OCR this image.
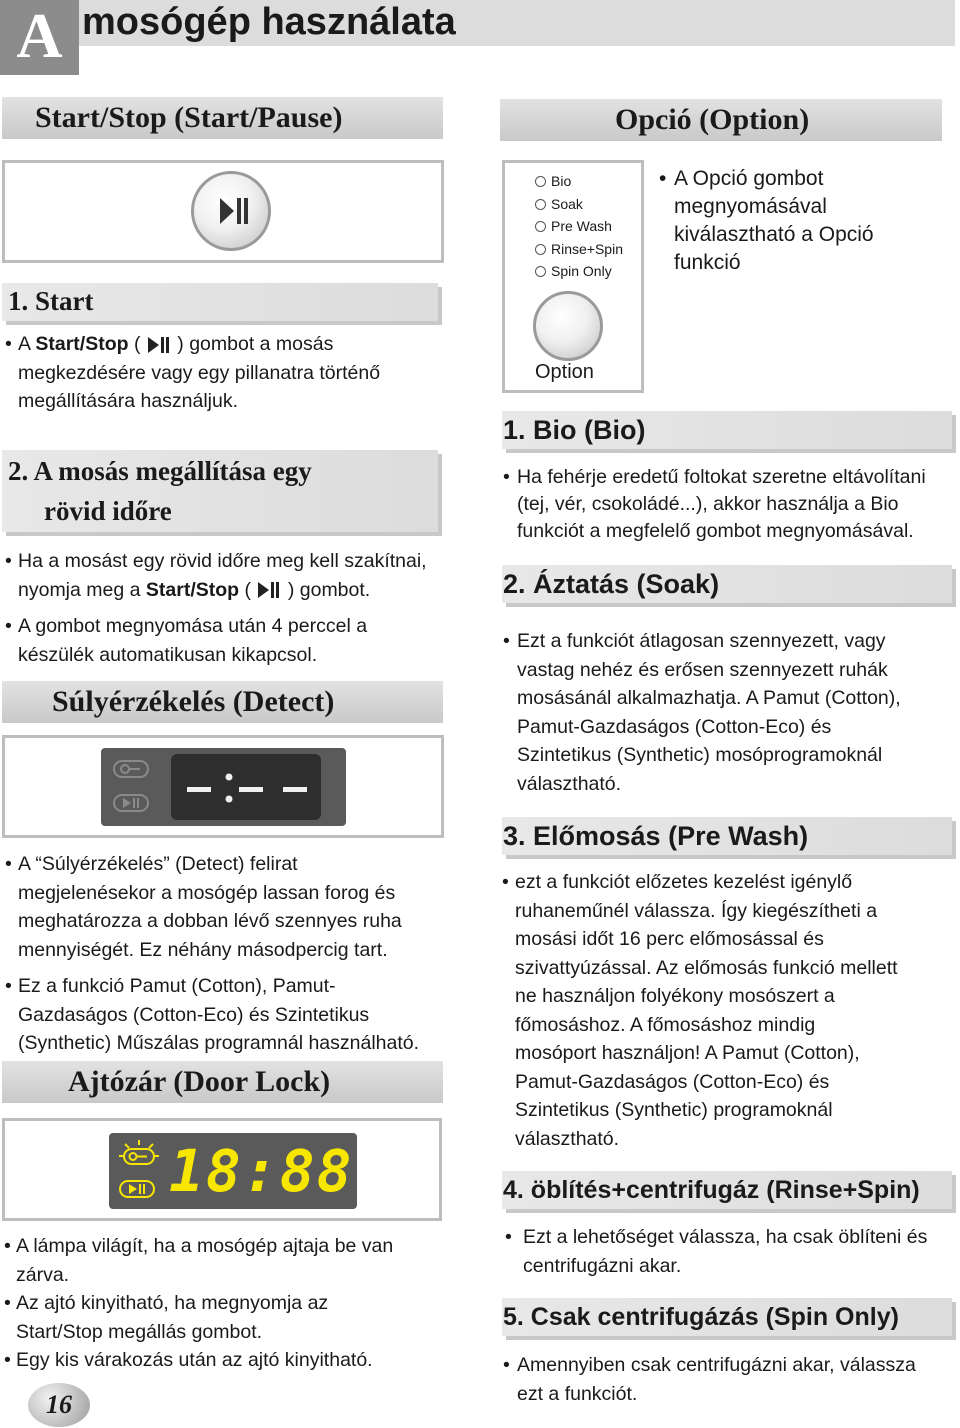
A mosógép használata
Start/Stop (Start/Pause)
1. Start
• A Start/Stop (  ) gombot a mosás
megkezdésére vagy egy pillanatra történő
megállítására használjuk.
2. A mosás megállítása egy
rövid időre
• Ha a mosást egy rövid időre meg kell szakítnai,
nyomja meg a Start/Stop (  ) gombot.
• A gombot megnyomása után 4 perccel a
készülék automatikusan kikapcsol.
Súlyérzékelés (Detect)
• A “Súlyérzékelés” (Detect) felirat
megjelenésekor a mosógép lassan forog és
meghatározza a dobban lévő szennyes ruha
mennyiségét. Ez néhány másodpercig tart.
• Ez a funkció Pamut (Cotton), Pamut-
Gazdaságos (Cotton-Eco) és Szintetikus
(Synthetic) Műszálas programnál használható.
Ajtózár (Door Lock)
18:88
• A lámpa világít, ha a mosógép ajtaja be van
zárva.
• Az ajtó kinyitható, ha megnyomja az
Start/Stop megállás gombot.
• Egy kis várakozás után az ajtó kinyitható.
16
Opció (Option)
Bio
Soak
Pre Wash
Rinse+Spin
Spin Only
Option
• A Opció gombot
megnyomásával
kiválasztható a Opció
funkció
1. Bio (Bio)
• Ha fehérje eredetű foltokat szeretne eltávolítani
(tej, vér, csokoládé...), akkor használja a Bio
funkciót a megfelelő gombot megnyomásával.
2. Áztatás (Soak)
• Ezt a funkciót átlagosan szennyezett, vagy
vastag nehéz és erősen szennyezett ruhák
mosásánál alkalmazhatja. A Pamut (Cotton),
Pamut-Gazdaságos (Cotton-Eco) és
Szintetikus (Synthetic) mosóprogramoknál
választható.
3. Előmosás (Pre Wash)
• ezt a funkciót előzetes kezelést igénylő
ruhaneműnél válassza. Így kiegészítheti a
mosási időt 16 perc előmosással és
szivattyúzással. Az előmosás funkció mellett
ne használjon folyékony mosószert a
főmosáshoz. A főmosáshoz mindig
mosóport használjon! A Pamut (Cotton),
Pamut-Gazdaságos (Cotton-Eco) és
Szintetikus (Synthetic) programoknál
választható.
4. öblítés+centrifugáz (Rinse+Spin)
• Ezt a lehetőséget válassza, ha csak öblíteni és
centrifugázni akar.
5. Csak centrifugázás (Spin Only)
• Amennyiben csak centrifugázni akar, válassza
ezt a funkciót.
